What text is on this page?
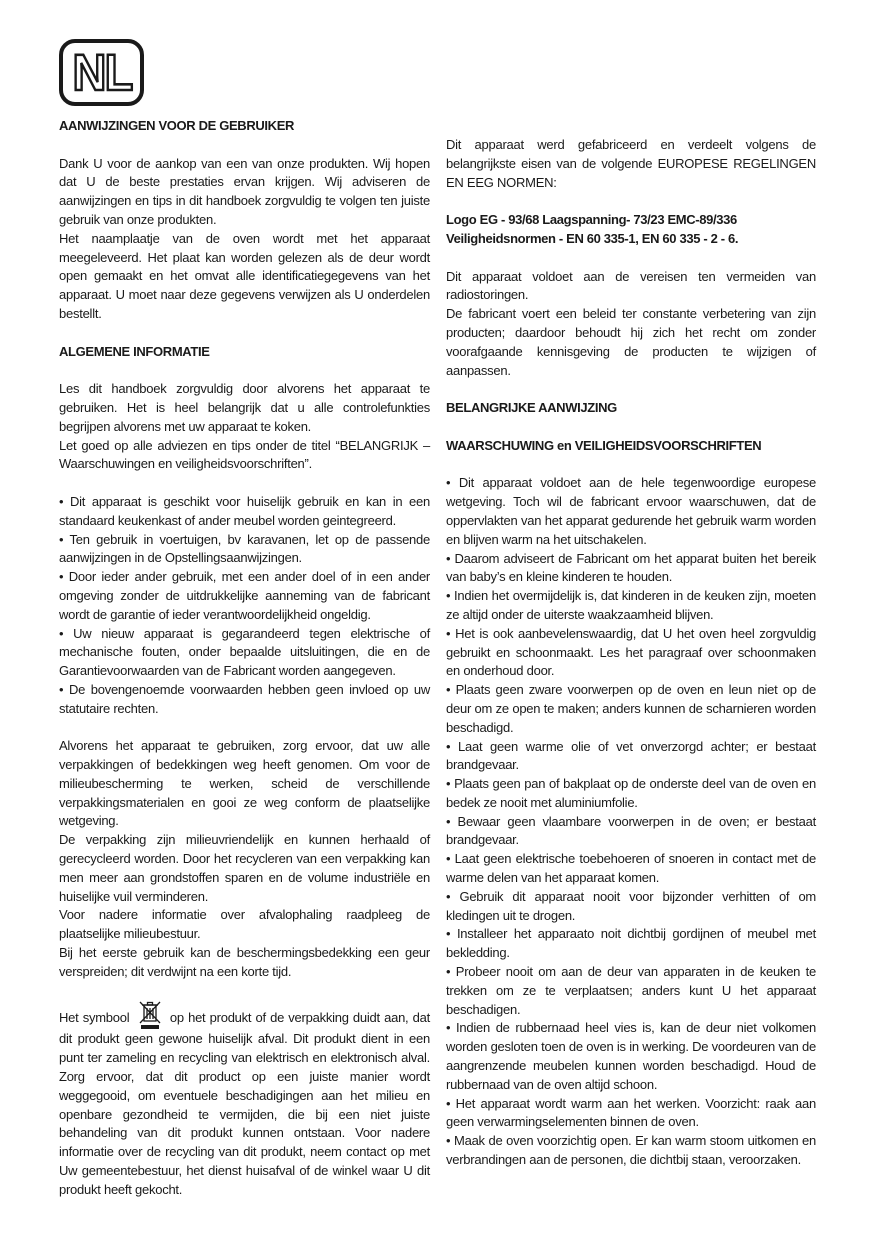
NL

AANWIJZINGEN VOOR DE GEBRUIKER

Dank U voor de aankop van een van onze produkten. Wij hopen dat U de beste prestaties ervan krijgen. Wij adviseren de aanwijzingen en tips in dit handboek zorgvuldig te volgen ten juiste gebruik van onze produkten.

Het naamplaatje van de oven wordt met het apparaat meegeleveerd. Het plaat kan worden gelezen als de deur wordt open gemaakt en het omvat alle identificatiegegevens van het apparaat. U moet naar deze gegevens verwijzen als U onderdelen bestellt.

ALGEMENE INFORMATIE

Les dit handboek zorgvuldig door alvorens het apparaat te gebruiken. Het is heel belangrijk dat u alle controlefunkties begrijpen alvorens met uw apparaat te koken.

Let goed op alle adviezen en tips onder de titel “BELANGRIJK – Waarschuwingen en veiligheidsvoorschriften”.

• Dit apparaat is geschikt voor huiselijk gebruik en kan in een standaard keukenkast of ander meubel worden geintegreerd.

• Ten gebruik in voertuigen, bv karavanen, let op de passende aanwijzingen in de Opstellingsaanwijzingen.

• Door ieder ander gebruik, met een ander doel of in een ander omgeving zonder de uitdrukkelijke aanneming van de fabricant wordt de garantie of ieder verantwoordelijkheid ongeldig.

• Uw nieuw apparaat is gegarandeerd tegen elektrische of mechanische fouten, onder bepaalde uitsluitingen, die en de Garantievoorwaarden van de Fabricant worden aangegeven.

• De bovengenoemde voorwaarden hebben geen invloed op uw statutaire rechten.

Alvorens het apparaat te gebruiken, zorg ervoor, dat uw alle verpakkingen of bedekkingen weg heeft genomen. Om voor de milieubescherming te werken, scheid de verschillende verpakkingsmaterialen en gooi ze weg conform de plaatselijke wetgeving.

De verpakking zijn milieuvriendelijk en kunnen herhaald of gerecycleerd worden. Door het recycleren van een verpakking kan men meer aan grondstoffen sparen en de volume industriële en huiselijke vuil verminderen.

Voor nadere informatie over afvalophaling raadpleeg de plaatselijke milieubestuur.

Bij het eerste gebruik kan de beschermingsbedekking een geur verspreiden; dit verdwijnt na een korte tijd.

Het symbool	op het produkt of de verpakking duidt aan, dat dit produkt geen gewone huiselijk afval. Dit produkt dient in een punt ter zameling en recycling van elektrisch en elektronisch alval. Zorg ervoor, dat dit product op een juiste manier wordt weggegooid, om eventuele beschadigingen aan het milieu en openbare gezondheid te vermijden, die bij een niet juiste behandeling van dit produkt kunnen ontstaan. Voor nadere informatie over de recycling van dit produkt, neem contact op met Uw gemeentebestuur, het dienst huisafval of de winkel waar U dit produkt heeft gekocht.

Dit apparaat werd gefabriceerd en verdeelt volgens de belangrijkste eisen van de volgende EUROPESE REGELINGEN EN EEG NORMEN:

Logo EG - 93/68 Laagspanning- 73/23 EMC-89/336

Veiligheidsnormen - EN 60 335-1, EN 60 335 - 2 - 6.

Dit apparaat voldoet aan de vereisen ten vermeiden van radiostoringen.

De fabricant voert een beleid ter constante verbetering van zijn producten; daardoor behoudt hij zich het recht om zonder voorafgaande kennisgeving de producten te wijzigen of aanpassen.

BELANGRIJKE AANWIJZING

WAARSCHUWING en VEILIGHEIDSVOORSCHRIFTEN

• Dit apparaat voldoet aan de hele tegenwoordige europese wetgeving. Toch wil de fabricant ervoor waarschuwen, dat de oppervlakten van het apparat gedurende het gebruik warm worden en blijven warm na het uitschakelen.

• Daarom adviseert de Fabricant om het apparat buiten het bereik van baby’s en kleine kinderen te houden.

• Indien het overmijdelijk is, dat kinderen in de keuken zijn, moeten ze altijd onder de uiterste waakzaamheid blijven.

• Het is ook aanbevelenswaardig, dat U het oven heel zorgvuldig gebruikt en schoonmaakt. Les het paragraaf over schoonmaken en onderhoud door.

• Plaats geen zware voorwerpen op de oven en leun niet op de deur om ze open te maken; anders kunnen de scharnieren worden beschadigd.

• Laat geen warme olie of vet onverzorgd achter; er bestaat brandgevaar.

• Plaats geen pan of bakplaat op de onderste deel van de oven en bedek ze nooit met aluminiumfolie.

• Bewaar geen vlaambare voorwerpen in de oven; er bestaat brandgevaar.

• Laat geen elektrische toebehoeren of snoeren in contact met de warme delen van het apparaat komen.

• Gebruik dit apparaat nooit voor bijzonder verhitten of om kledingen uit te drogen.

• Installeer het apparaato noit dichtbij gordijnen of meubel met bekledding.

• Probeer nooit om aan de deur van apparaten in de keuken te trekken om ze te verplaatsen; anders kunt U het apparaat beschadigen.

• Indien de rubbernaad heel vies is, kan de deur niet volkomen worden gesloten toen de oven is in werking. De voordeuren van de aangrenzende meubelen kunnen worden beschadigd. Houd de rubbernaad van de oven altijd schoon.

• Het apparaat wordt warm aan het werken. Voorzicht: raak aan geen verwarmingselementen binnen de oven.

• Maak de oven voorzichtig open. Er kan warm stoom uitkomen en verbrandingen aan de personen, die dichtbij staan, veroorzaken.
